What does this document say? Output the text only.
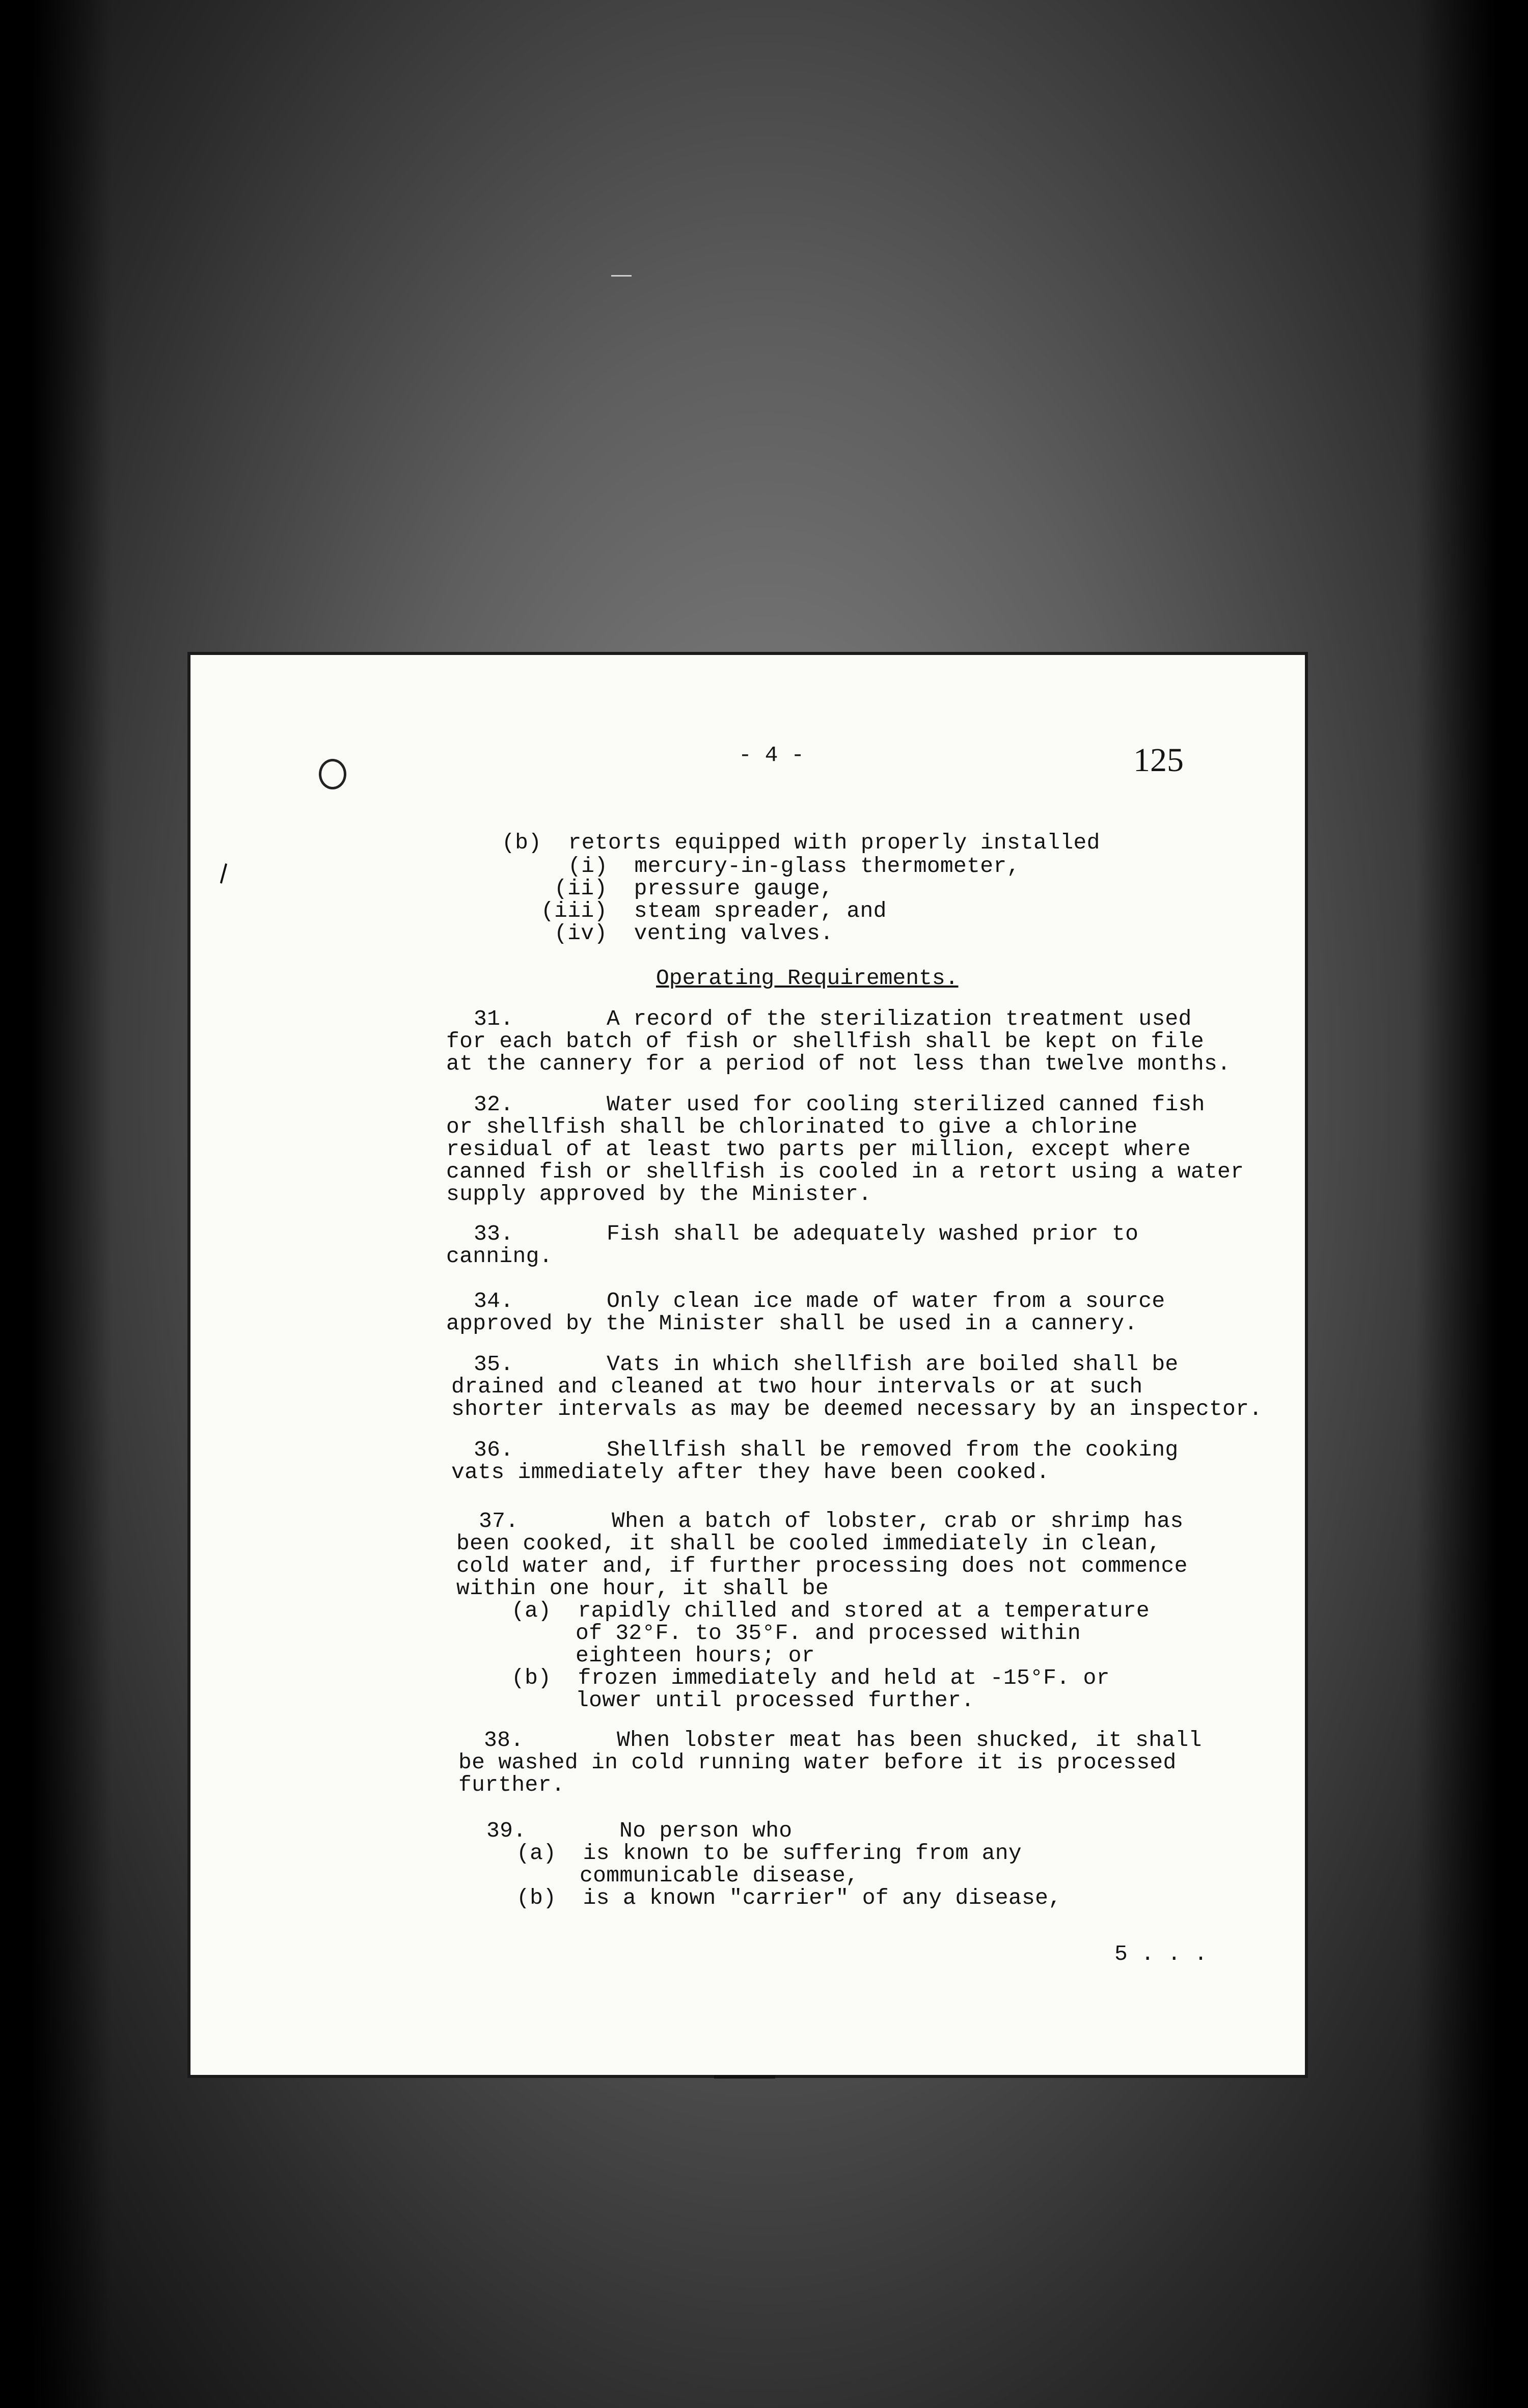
- 4 -	125
(b)  retorts equipped with properly installed
(i)  mercury-in-glass thermometer,
(ii)  pressure gauge,
(iii)  steam spreader, and
(iv)  venting valves.
Operating Requirements.
31.       A record of the sterilization treatment used
for each batch of fish or shellfish shall be kept on file
at the cannery for a period of not less than twelve months.
32.       Water used for cooling sterilized canned fish
or shellfish shall be chlorinated to give a chlorine
residual of at least two parts per million, except where
canned fish or shellfish is cooled in a retort using a water
supply approved by the Minister.
33.       Fish shall be adequately washed prior to
canning.
34.       Only clean ice made of water from a source
approved by the Minister shall be used in a cannery.
35.       Vats in which shellfish are boiled shall be
drained and cleaned at two hour intervals or at such
shorter intervals as may be deemed necessary by an inspector.
36.       Shellfish shall be removed from the cooking
vats immediately after they have been cooked.
37.       When a batch of lobster, crab or shrimp has
been cooked, it shall be cooled immediately in clean,
cold water and, if further processing does not commence
within one hour, it shall be
(a)  rapidly chilled and stored at a temperature
of 32°F. to 35°F. and processed within
eighteen hours; or
(b)  frozen immediately and held at -15°F. or
lower until processed further.
38.       When lobster meat has been shucked, it shall
be washed in cold running water before it is processed
further.
39.       No person who
(a)  is known to be suffering from any
communicable disease,
(b)  is a known "carrier" of any disease,
5 . . .
